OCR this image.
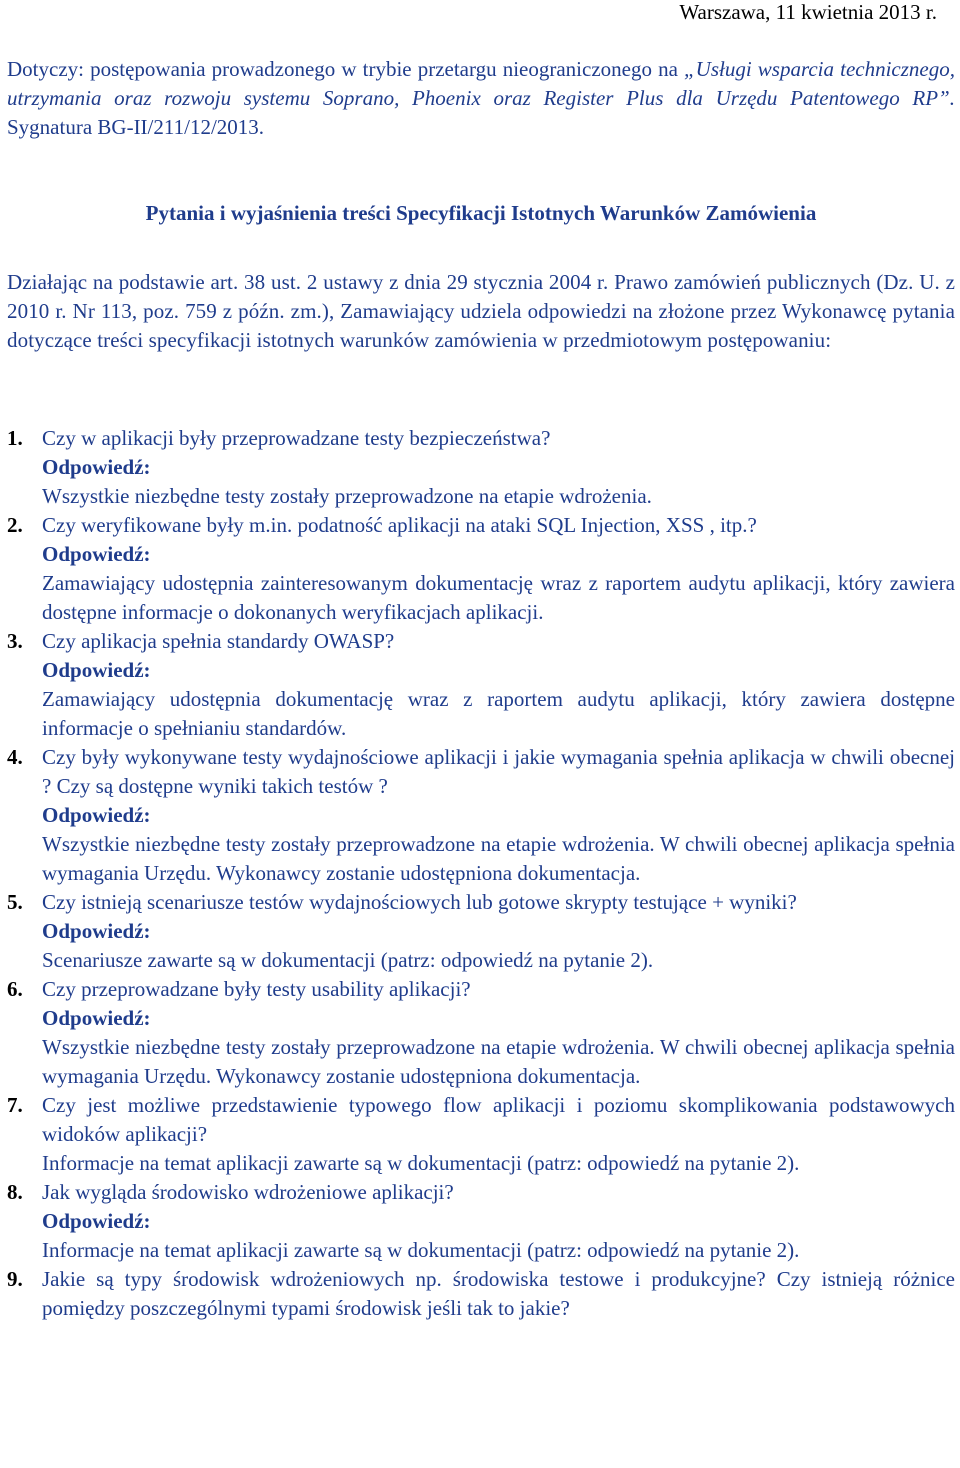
Warszawa, 11 kwietnia 2013 r.
Dotyczy: postępowania prowadzonego w trybie przetargu nieograniczonego na „Usługi wsparcia technicznego, utrzymania oraz rozwoju systemu Soprano, Phoenix oraz Register Plus dla Urzędu Patentowego RP”. Sygnatura BG-II/211/12/2013.
Pytania i wyjaśnienia treści Specyfikacji Istotnych Warunków Zamówienia
Działając na podstawie art. 38 ust. 2 ustawy z dnia 29 stycznia 2004 r. Prawo zamówień publicznych (Dz. U. z 2010 r. Nr 113, poz. 759 z późn. zm.), Zamawiający udziela odpowiedzi na złożone przez Wykonawcę pytania dotyczące treści specyfikacji istotnych warunków zamówienia w przedmiotowym postępowaniu:
1. Czy w aplikacji były przeprowadzane testy bezpieczeństwa?
Odpowiedź:
Wszystkie niezbędne testy zostały przeprowadzone na etapie wdrożenia.
2. Czy weryfikowane były m.in. podatność aplikacji na ataki SQL Injection, XSS , itp.?
Odpowiedź:
Zamawiający udostępnia zainteresowanym dokumentację wraz z raportem audytu aplikacji, który zawiera dostępne informacje o dokonanych weryfikacjach aplikacji.
3. Czy aplikacja spełnia standardy OWASP?
Odpowiedź:
Zamawiający udostępnia dokumentację wraz z raportem audytu aplikacji, który zawiera dostępne informacje o spełnianiu standardów.
4. Czy były wykonywane testy wydajnościowe aplikacji i jakie wymagania spełnia aplikacja w chwili obecnej ? Czy są dostępne wyniki takich testów ?
Odpowiedź:
Wszystkie niezbędne testy zostały przeprowadzone na etapie wdrożenia. W chwili obecnej aplikacja spełnia wymagania Urzędu. Wykonawcy zostanie udostępniona dokumentacja.
5. Czy istnieją scenariusze testów wydajnościowych lub gotowe skrypty testujące + wyniki?
Odpowiedź:
Scenariusze zawarte są w dokumentacji (patrz: odpowiedź na pytanie 2).
6. Czy przeprowadzane były testy usability aplikacji?
Odpowiedź:
Wszystkie niezbędne testy zostały przeprowadzone na etapie wdrożenia. W chwili obecnej aplikacja spełnia wymagania Urzędu. Wykonawcy zostanie udostępniona dokumentacja.
7. Czy jest możliwe przedstawienie typowego flow aplikacji i poziomu skomplikowania podstawowych widoków aplikacji?
Informacje na temat aplikacji zawarte są w dokumentacji (patrz: odpowiedź na pytanie 2).
8. Jak wygląda środowisko wdrożeniowe aplikacji?
Odpowiedź:
Informacje na temat aplikacji zawarte są w dokumentacji (patrz: odpowiedź na pytanie 2).
9. Jakie są typy środowisk wdrożeniowych np. środowiska testowe i produkcyjne? Czy istnieją różnice pomiędzy poszczególnymi typami środowisk jeśli tak to jakie?
